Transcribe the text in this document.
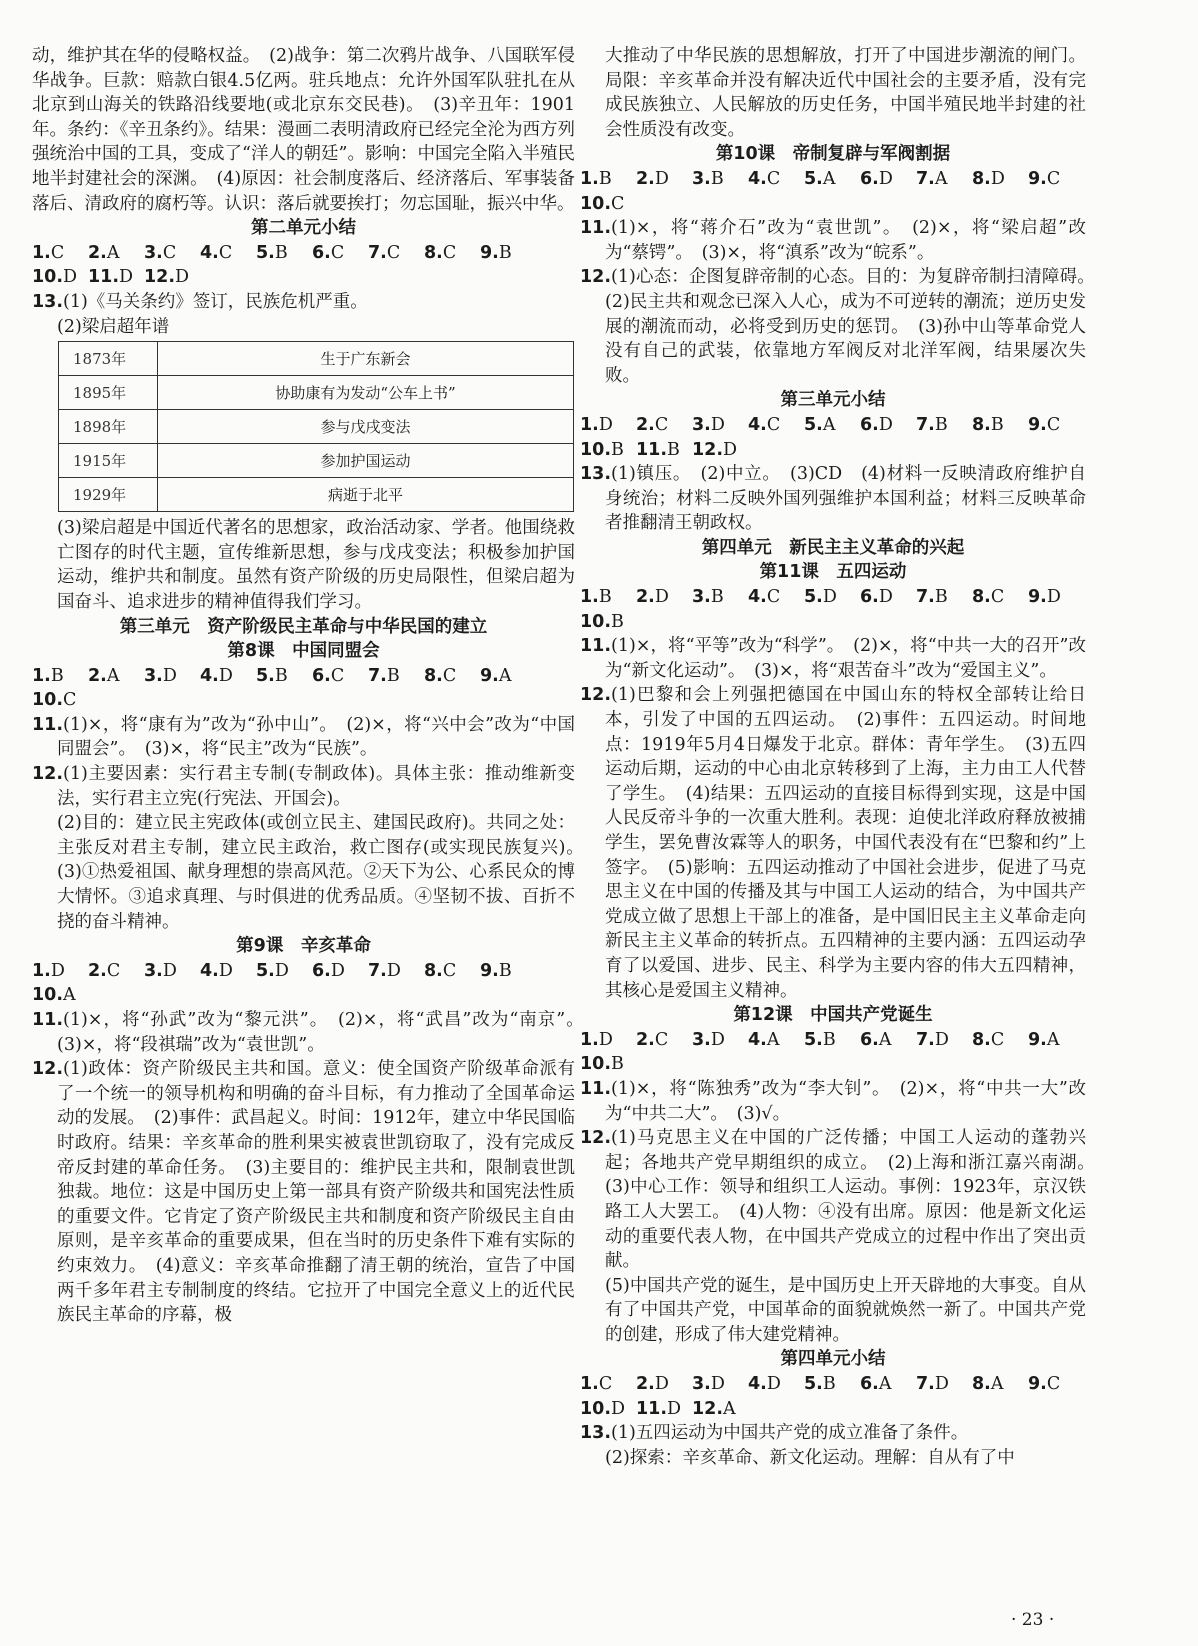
动，维护其在华的侵略权益。　(2)战争：第二次鸦片战争、八国联军侵华战争。巨款：赔款白银4.5亿两。驻兵地点：允许外国军队驻扎在从北京到山海关的铁路沿线要地(或北京东交民巷)。　(3)辛丑年：1901年。条约：《辛丑条约》。结果：漫画二表明清政府已经完全沦为西方列强统治中国的工具，变成了“洋人的朝廷”。影响：中国完全陷入半殖民地半封建社会的深渊。　(4)原因：社会制度落后、经济落后、军事装备落后、清政府的腐朽等。认识：落后就要挨打；勿忘国耻，振兴中华。

第二单元小结

1.C	2.A	3.C	4.C	5.B	6.C	7.C	8.C	9.B
10.D 11.D 12.D

13.(1)《马关条约》签订，民族危机严重。

(2)梁启超年谱

1873年	生于广东新会
1895年	协助康有为发动“公车上书”
1898年	参与戊戌变法
1915年	参加护国运动
1929年	病逝于北平

(3)梁启超是中国近代著名的思想家，政治活动家、学者。他围绕救亡图存的时代主题，宣传维新思想，参与戊戌变法；积极参加护国运动，维护共和制度。虽然有资产阶级的历史局限性，但梁启超为国奋斗、追求进步的精神值得我们学习。

第三单元　资产阶级民主革命与中华民国的建立

第8课　中国同盟会

1.B	2.A	3.D	4.D	5.B	6.C	7.B	8.C	9.A
10.C

11.(1)×，将“康有为”改为“孙中山”。　(2)×，将“兴中会”改为“中国同盟会”。　(3)×，将“民主”改为“民族”。

12.(1)主要因素：实行君主专制(专制政体)。具体主张：推动维新变法，实行君主立宪(行宪法、开国会)。

(2)目的：建立民主宪政体(或创立民主、建国民政府)。共同之处：主张反对君主专制，建立民主政治，救亡图存(或实现民族复兴)。　(3)①热爱祖国、献身理想的崇高风范。②天下为公、心系民众的博大情怀。③追求真理、与时俱进的优秀品质。④坚韧不拔、百折不挠的奋斗精神。

第9课　辛亥革命

1.D	2.C	3.D	4.D	5.D	6.D	7.D	8.C	9.B
10.A

11.(1)×，将“孙武”改为“黎元洪”。　(2)×，将“武昌”改为“南京”。　(3)×，将“段祺瑞”改为“袁世凯”。

12.(1)政体：资产阶级民主共和国。意义：使全国资产阶级革命派有了一个统一的领导机构和明确的奋斗目标，有力推动了全国革命运动的发展。　(2)事件：武昌起义。时间：1912年，建立中华民国临时政府。结果：辛亥革命的胜利果实被袁世凯窃取了，没有完成反帝反封建的革命任务。　(3)主要目的：维护民主共和，限制袁世凯独裁。地位：这是中国历史上第一部具有资产阶级共和国宪法性质的重要文件。它肯定了资产阶级民主共和制度和资产阶级民主自由原则，是辛亥革命的重要成果，但在当时的历史条件下难有实际的约束效力。　(4)意义：辛亥革命推翻了清王朝的统治，宣告了中国两千多年君主专制制度的终结。它拉开了中国完全意义上的近代民族民主革命的序幕，极

大推动了中华民族的思想解放，打开了中国进步潮流的闸门。局限：辛亥革命并没有解决近代中国社会的主要矛盾，没有完成民族独立、人民解放的历史任务，中国半殖民地半封建的社会性质没有改变。

第10课　帝制复辟与军阀割据

1.B	2.D	3.B	4.C	5.A	6.D	7.A	8.D	9.C
10.C

11.(1)×，将“蒋介石”改为“袁世凯”。　(2)×，将“梁启超”改为“蔡锷”。　(3)×，将“滇系”改为“皖系”。

12.(1)心态：企图复辟帝制的心态。目的：为复辟帝制扫清障碍。　(2)民主共和观念已深入人心，成为不可逆转的潮流；逆历史发展的潮流而动，必将受到历史的惩罚。　(3)孙中山等革命党人没有自己的武装，依靠地方军阀反对北洋军阀，结果屡次失败。

第三单元小结

1.D	2.C	3.D	4.C	5.A	6.D	7.B	8.B	9.C
10.B 11.B 12.D

13.(1)镇压。　(2)中立。　(3)CD　(4)材料一反映清政府维护自身统治；材料二反映外国列强维护本国利益；材料三反映革命者推翻清王朝政权。

第四单元　新民主主义革命的兴起

第11课　五四运动

1.B	2.D	3.B	4.C	5.D	6.D	7.B	8.C	9.D
10.B

11.(1)×，将“平等”改为“科学”。　(2)×，将“中共一大的召开”改为“新文化运动”。　(3)×，将“艰苦奋斗”改为“爱国主义”。

12.(1)巴黎和会上列强把德国在中国山东的特权全部转让给日本，引发了中国的五四运动。　(2)事件：五四运动。时间地点：1919年5月4日爆发于北京。群体：青年学生。　(3)五四运动后期，运动的中心由北京转移到了上海，主力由工人代替了学生。　(4)结果：五四运动的直接目标得到实现，这是中国人民反帝斗争的一次重大胜利。表现：迫使北洋政府释放被捕学生，罢免曹汝霖等人的职务，中国代表没有在“巴黎和约”上签字。　(5)影响：五四运动推动了中国社会进步，促进了马克思主义在中国的传播及其与中国工人运动的结合，为中国共产党成立做了思想上干部上的准备，是中国旧民主主义革命走向新民主主义革命的转折点。五四精神的主要内涵：五四运动孕育了以爱国、进步、民主、科学为主要内容的伟大五四精神，其核心是爱国主义精神。

第12课　中国共产党诞生

1.D	2.C	3.D	4.A	5.B	6.A	7.D	8.C	9.A
10.B

11.(1)×，将“陈独秀”改为“李大钊”。　(2)×，将“中共一大”改为“中共二大”。　(3)√。

12.(1)马克思主义在中国的广泛传播；中国工人运动的蓬勃兴起；各地共产党早期组织的成立。　(2)上海和浙江嘉兴南湖。　(3)中心工作：领导和组织工人运动。事例：1923年，京汉铁路工人大罢工。　(4)人物：④没有出席。原因：他是新文化运动的重要代表人物，在中国共产党成立的过程中作出了突出贡献。

(5)中国共产党的诞生，是中国历史上开天辟地的大事变。自从有了中国共产党，中国革命的面貌就焕然一新了。中国共产党的创建，形成了伟大建党精神。

第四单元小结

1.C	2.D	3.D	4.D	5.B	6.A	7.D	8.A	9.C
10.D 11.D 12.A

13.(1)五四运动为中国共产党的成立准备了条件。

(2)探索：辛亥革命、新文化运动。理解：自从有了中

· 23 ·
